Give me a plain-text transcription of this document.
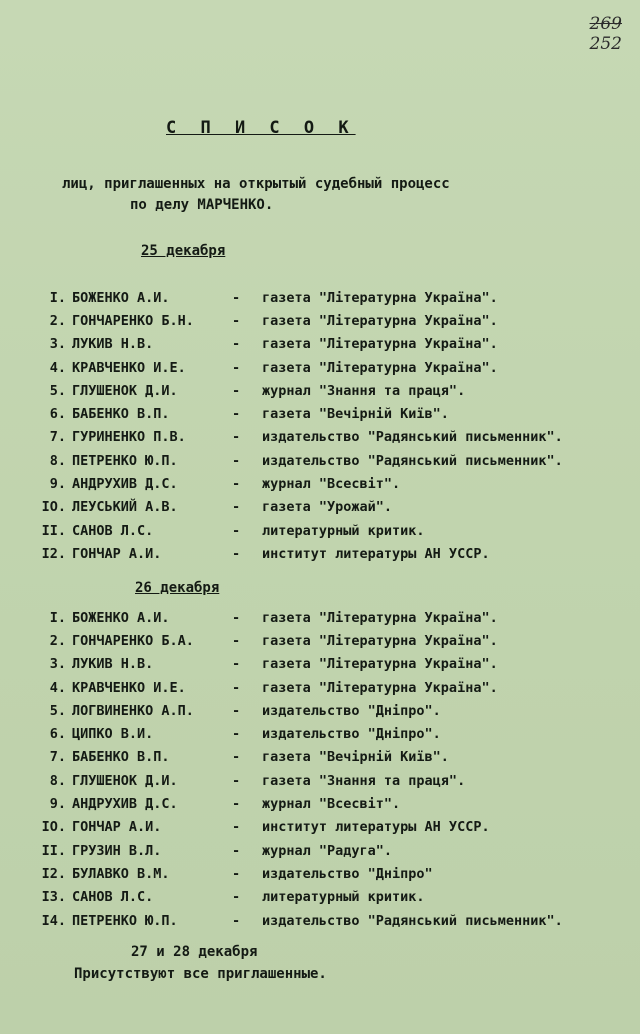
269
252
С П И С О К
лиц, приглашенных на открытый судебный процесс
по делу МАРЧЕНКО.
25 декабря
I. БОЖЕНКО А.И.	-	газета "Літературна Україна".
2. ГОНЧАРЕНКО Б.Н.	-	газета "Літературна Україна".
3. ЛУКИВ Н.В.	-	газета "Літературна Україна".
4. КРАВЧЕНКО И.Е.	-	газета "Літературна Україна".
5. ГЛУШЕНОК Д.И.	-	журнал "Знання та праця".
6. БАБЕНКО В.П.	-	газета "Вечірній Київ".
7. ГУРИНЕНКО П.В.	-	издательство "Радянський письменник".
8. ПЕТРЕНКО Ю.П.	-	издательство "Радянський письменник".
9. АНДРУХИВ Д.С.	-	журнал "Всесвіт".
IO. ЛЕУСЬКИЙ А.В.	-	газета "Урожай".
II. САНОВ Л.С.	-	литературный критик.
I2. ГОНЧАР А.И.	-	институт литературы АН УССР.
26 декабря
I. БОЖЕНКО А.И.	-	газета "Літературна Україна".
2. ГОНЧАРЕНКО Б.А.	-	газета "Літературна Україна".
3. ЛУКИВ Н.В.	-	газета "Літературна Україна".
4. КРАВЧЕНКО И.Е.	-	газета "Літературна Україна".
5. ЛОГВИНЕНКО А.П.	-	издательство "Дніпро".
6. ЦИПКО В.И.	-	издательство "Дніпро".
7. БАБЕНКО В.П.	-	газета "Вечірній Київ".
8. ГЛУШЕНОК Д.И.	-	газета "Знання та праця".
9. АНДРУХИВ Д.С.	-	журнал "Всесвіт".
IO. ГОНЧАР А.И.	-	институт литературы АН УССР.
II. ГРУЗИН В.Л.	-	журнал "Радуга".
I2. БУЛАВКО В.М.	-	издательство "Дніпро"
I3. САНОВ Л.С.	-	литературный критик.
I4. ПЕТРЕНКО Ю.П.	-	издательство "Радянський письменник".
27 и 28 декабря
Присутствуют все приглашенные.
